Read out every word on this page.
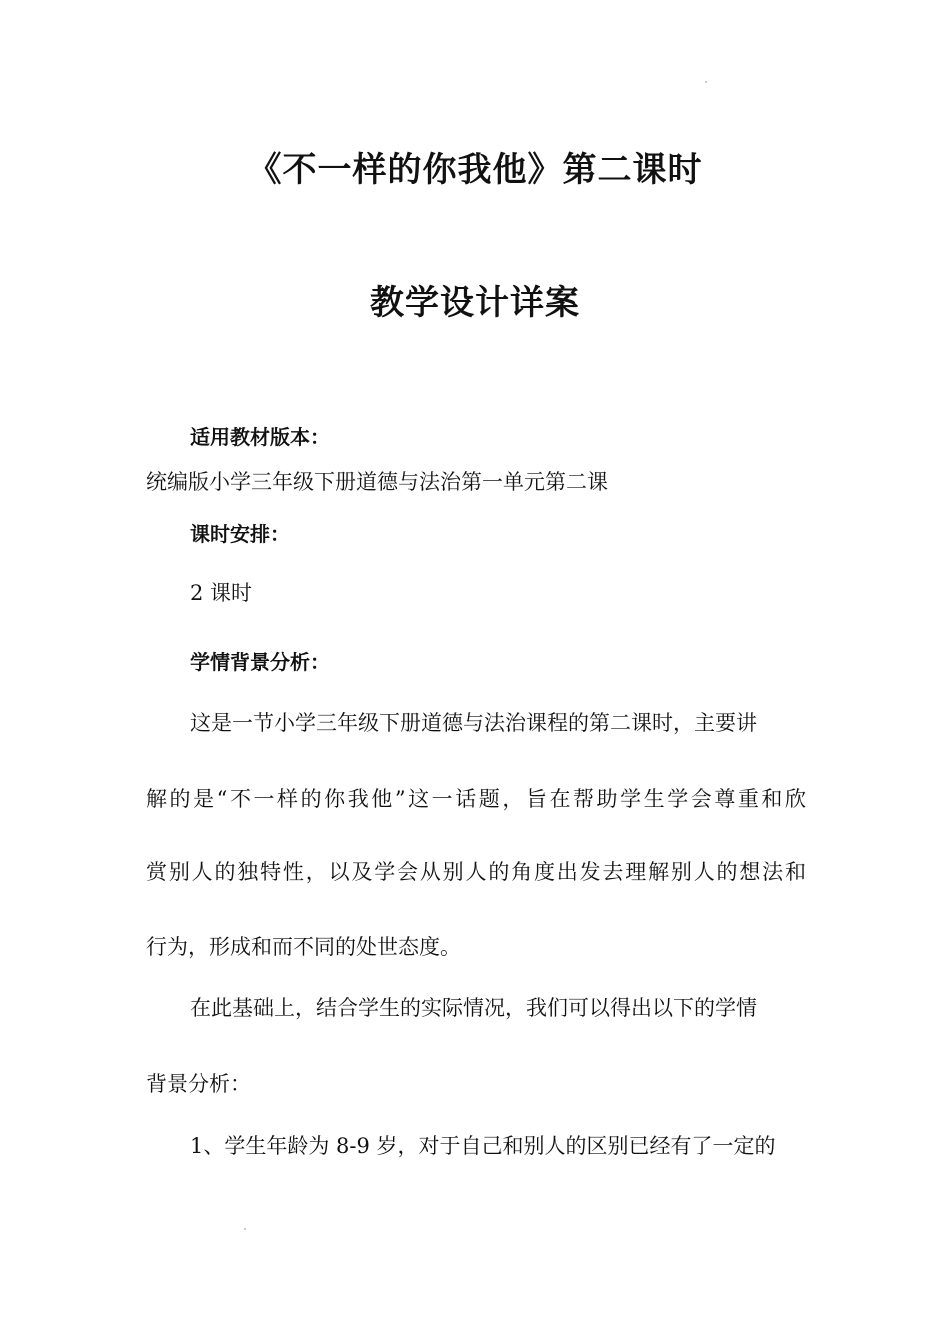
《不一样的你我他》第二课时
教学设计详案
适用教材版本：
统编版小学三年级下册道德与法治第一单元第二课
课时安排：
2 课时
学情背景分析：
这是一节小学三年级下册道德与法治课程的第二课时，主要讲
解的是“不一样的你我他”这一话题，旨在帮助学生学会尊重和欣
赏别人的独特性，以及学会从别人的角度出发去理解别人的想法和
行为，形成和而不同的处世态度。
在此基础上，结合学生的实际情况，我们可以得出以下的学情
背景分析：
1、学生年龄为 8-9 岁，对于自己和别人的区别已经有了一定的
